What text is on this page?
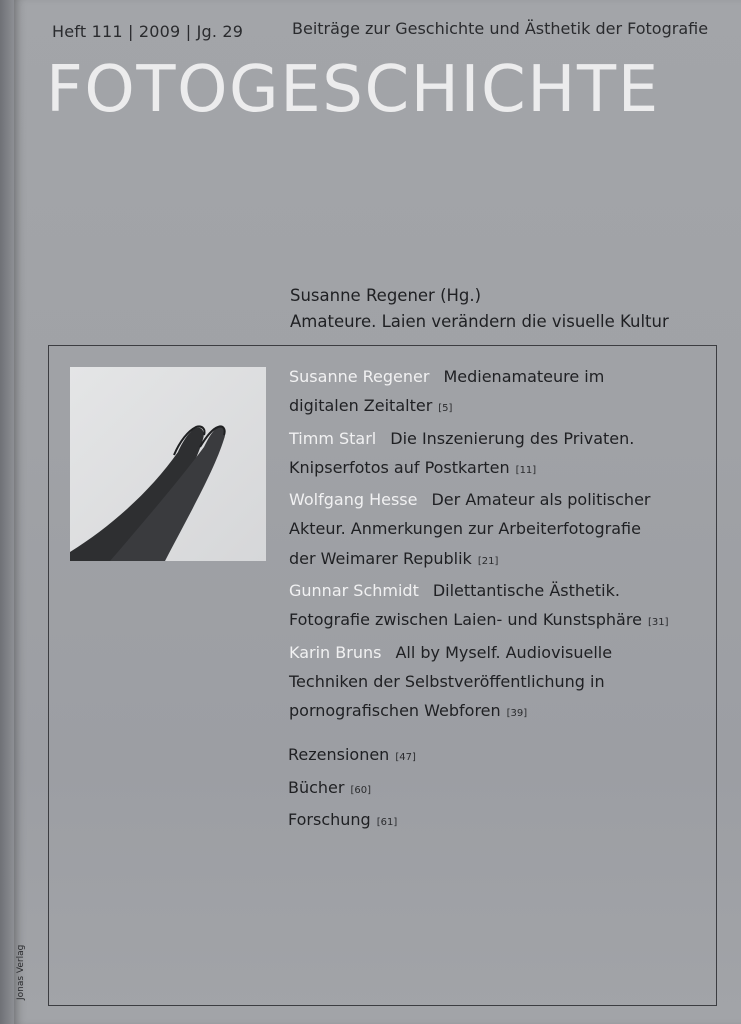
Heft 111 | 2009 | Jg. 29	Beiträge zur Geschichte und Ästhetik der Fotografie
FOTOGESCHICHTE
Susanne Regener (Hg.)
Amateure. Laien verändern die visuelle Kultur
Susanne Regener Medienamateure im
digitalen Zeitalter [5]
Timm Starl Die Inszenierung des Privaten.
Knipserfotos auf Postkarten [11]
Wolfgang Hesse Der Amateur als politischer
Akteur. Anmerkungen zur Arbeiterfotografie
der Weimarer Republik [21]
Gunnar Schmidt Dilettantische Ästhetik.
Fotografie zwischen Laien- und Kunstsphäre [31]
Karin Bruns All by Myself. Audiovisuelle
Techniken der Selbstveröffentlichung in
pornografischen Webforen [39]
Rezensionen [47]
Bücher [60]
Forschung [61]
Jonas Verlag
